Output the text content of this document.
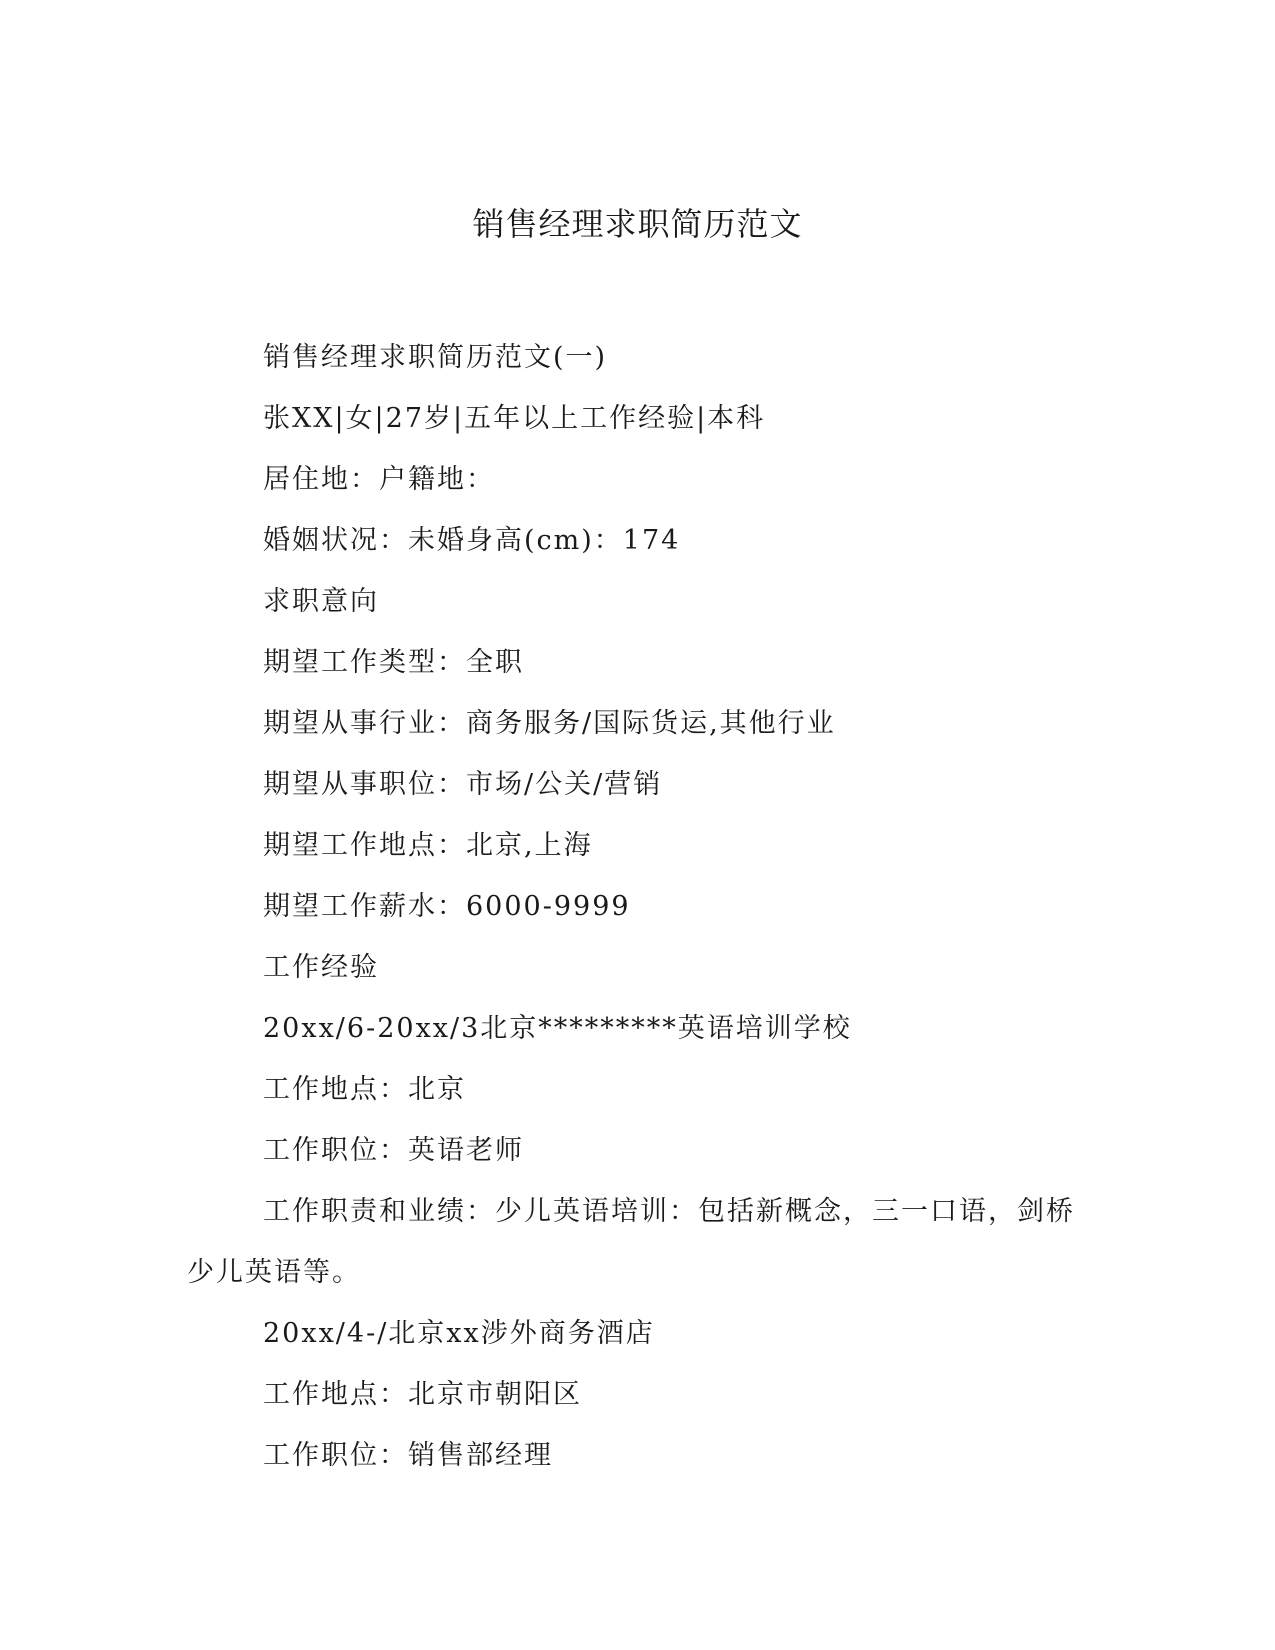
销售经理求职简历范文

销售经理求职简历范文(一)

张XX|女|27岁|五年以上工作经验|本科

居住地：户籍地：

婚姻状况：未婚身高(cm)：174

求职意向

期望工作类型：全职

期望从事行业：商务服务/国际货运,其他行业

期望从事职位：市场/公关/营销

期望工作地点：北京,上海

期望工作薪水：6000-9999

工作经验

20xx/6-20xx/3北京*********英语培训学校

工作地点：北京

工作职位：英语老师

工作职责和业绩：少儿英语培训：包括新概念，三一口语，剑桥少儿英语等。

20xx/4-/北京xx涉外商务酒店

工作地点：北京市朝阳区

工作职位：销售部经理
